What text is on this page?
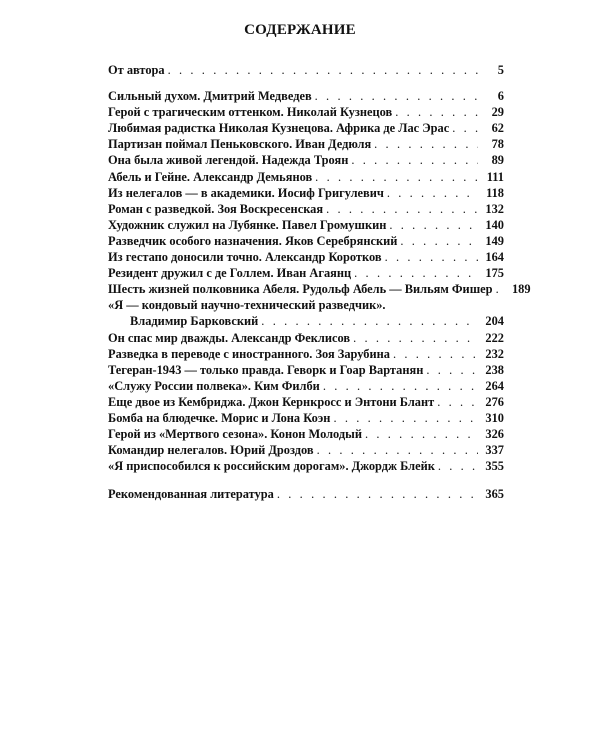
СОДЕРЖАНИЕ
От автора . . .	5
Сильный духом. Дмитрий Медведев . . .	6
Герой с трагическим оттенком. Николай Кузнецов . . .	29
Любимая радистка Николая Кузнецова. Африка де Лас Эрас . . .	62
Партизан поймал Пеньковского. Иван Дедюля . . .	78
Она была живой легендой. Надежда Троян . . .	89
Абель и Гейне. Александр Демьянов . . .	111
Из нелегалов — в академики. Иосиф Григулевич . . .	118
Роман с разведкой. Зоя Воскресенская . . .	132
Художник служил на Лубянке. Павел Громушкин . . .	140
Разведчик особого назначения. Яков Серебрянский . . .	149
Из гестапо доносили точно. Александр Коротков . . .	164
Резидент дружил с де Голлем. Иван Агаянц . . .	175
Шесть жизней полковника Абеля. Рудольф Абель — Вильям Фишер . . .	189
«Я — кондовый научно-технический разведчик».
Владимир Барковский . . .	204
Он спас мир дважды. Александр Феклисов . . .	222
Разведка в переводе с иностранного. Зоя Зарубина . . .	232
Тегеран-1943 — только правда. Геворк и Гоар Вартанян . . .	238
«Служу России полвека». Ким Филби . . .	264
Еще двое из Кембриджа. Джон Кернкросс и Энтони Блант . . .	276
Бомба на блюдечке. Морис и Лона Коэн . . .	310
Герой из «Мертвого сезона». Конон Молодый . . .	326
Командир нелегалов. Юрий Дроздов . . .	337
«Я приспособился к российским дорогам». Джордж Блейк . . .	355
Рекомендованная литература . . .	365
